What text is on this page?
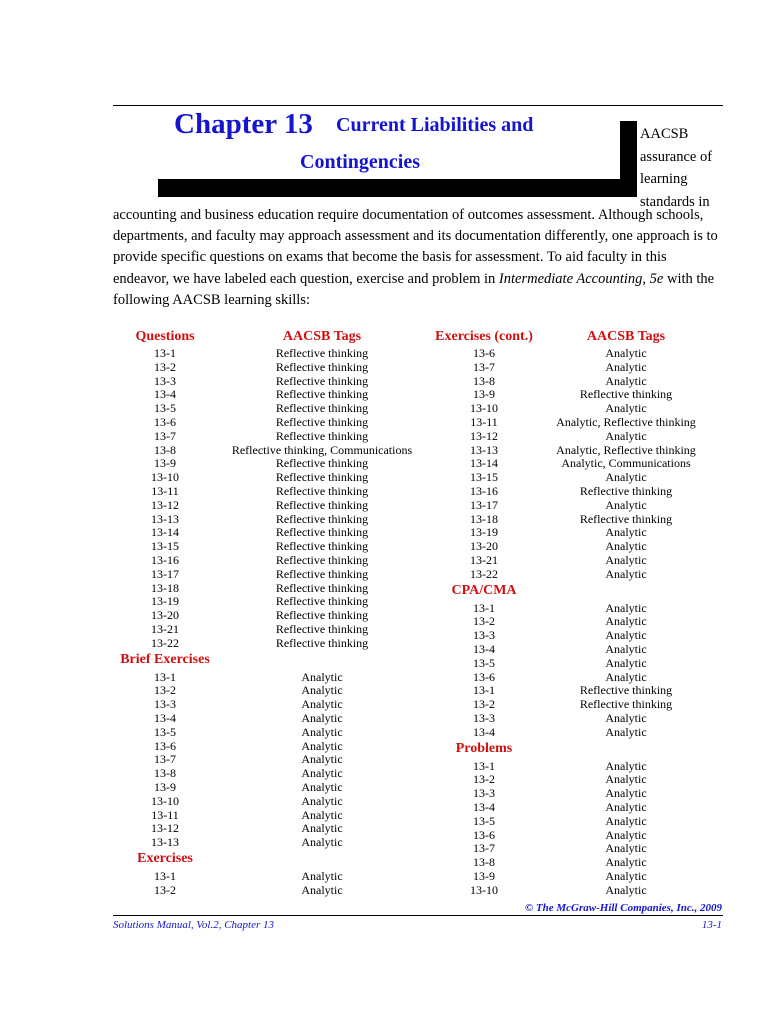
Chapter 13 Current Liabilities and
Contingencies
AACSB
assurance of
learning
standards in
accounting and business education require documentation of outcomes assessment. Although schools, departments, and faculty may approach assessment and its documentation differently, one approach is to provide specific questions on exams that become the basis for assessment. To aid faculty in this endeavor, we have labeled each question, exercise and problem in Intermediate Accounting, 5e with the following AACSB learning skills:
Questions	AACSB Tags	Exercises (cont.)	AACSB Tags
13-1	Reflective thinking
13-2	Reflective thinking
13-3	Reflective thinking
13-4	Reflective thinking
13-5	Reflective thinking
13-6	Reflective thinking
13-7	Reflective thinking
13-8	Reflective thinking, Communications
13-9	Reflective thinking
13-10	Reflective thinking
13-11	Reflective thinking
13-12	Reflective thinking
13-13	Reflective thinking
13-14	Reflective thinking
13-15	Reflective thinking
13-16	Reflective thinking
13-17	Reflective thinking
13-18	Reflective thinking
13-19	Reflective thinking
13-20	Reflective thinking
13-21	Reflective thinking
13-22	Reflective thinking
Brief Exercises
13-1	Analytic
13-2	Analytic
13-3	Analytic
13-4	Analytic
13-5	Analytic
13-6	Analytic
13-7	Analytic
13-8	Analytic
13-9	Analytic
13-10	Analytic
13-11	Analytic
13-12	Analytic
13-13	Analytic
Exercises
13-1	Analytic
13-2	Analytic
13-6	Analytic
13-7	Analytic
13-8	Analytic
13-9	Reflective thinking
13-10	Analytic
13-11	Analytic, Reflective thinking
13-12	Analytic
13-13	Analytic, Reflective thinking
13-14	Analytic, Communications
13-15	Analytic
13-16	Reflective thinking
13-17	Analytic
13-18	Reflective thinking
13-19	Analytic
13-20	Analytic
13-21	Analytic
13-22	Analytic
CPA/CMA
13-1	Analytic
13-2	Analytic
13-3	Analytic
13-4	Analytic
13-5	Analytic
13-6	Analytic
13-1	Reflective thinking
13-2	Reflective thinking
13-3	Analytic
13-4	Analytic
Problems
13-1	Analytic
13-2	Analytic
13-3	Analytic
13-4	Analytic
13-5	Analytic
13-6	Analytic
13-7	Analytic
13-8	Analytic
13-9	Analytic
13-10	Analytic
© The McGraw-Hill Companies, Inc., 2009
Solutions Manual, Vol.2, Chapter 13	13-1
